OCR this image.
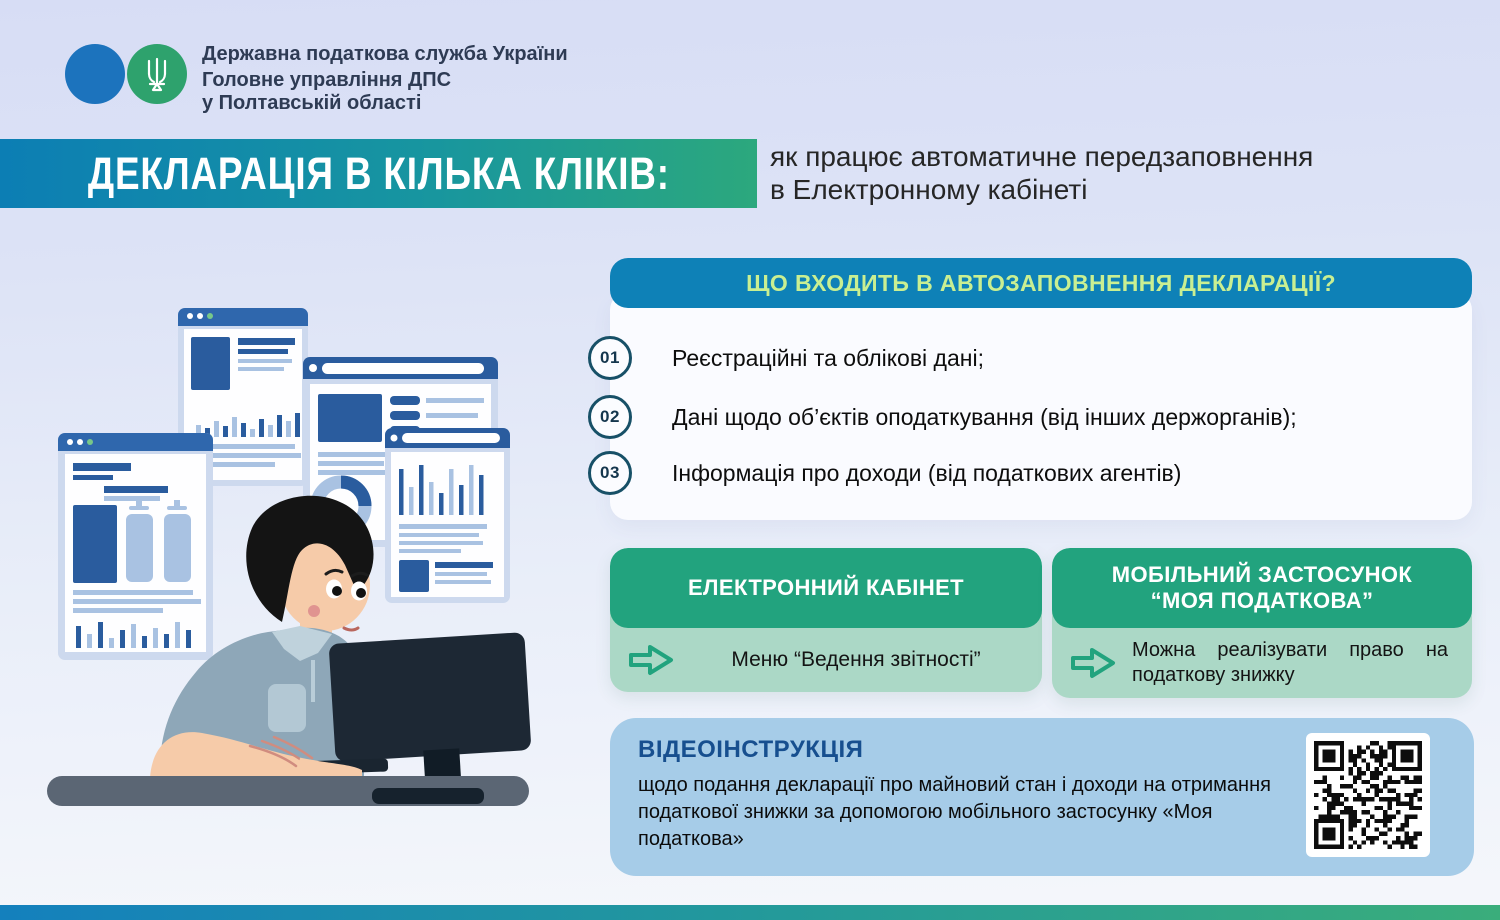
Державна податкова служба України
Головне управління ДПС
у Полтавській області
ДЕКЛАРАЦІЯ В КІЛЬКА КЛІКІВ:	як працює автоматичне передзаповнення
в Електронному кабінеті
ЩО ВХОДИТЬ В АВТОЗАПОВНЕННЯ ДЕКЛАРАЦІЇ?
01 Реєстраційні та облікові дані;
02 Дані щодо об’єктів оподаткування (від інших держорганів);
03 Інформація про доходи (від податкових агентів)
ЕЛЕКТРОННИЙ КАБІНЕТ
Меню “Ведення звітності”
МОБІЛЬНИЙ ЗАСТОСУНОК “МОЯ ПОДАТКОВА”
Можна реалізувати право на податкову знижку
ВІДЕОІНСТРУКЦІЯ
щодо подання декларації про майновий стан і доходи на отримання податкової знижки за допомогою мобільного застосунку «Моя податкова»
